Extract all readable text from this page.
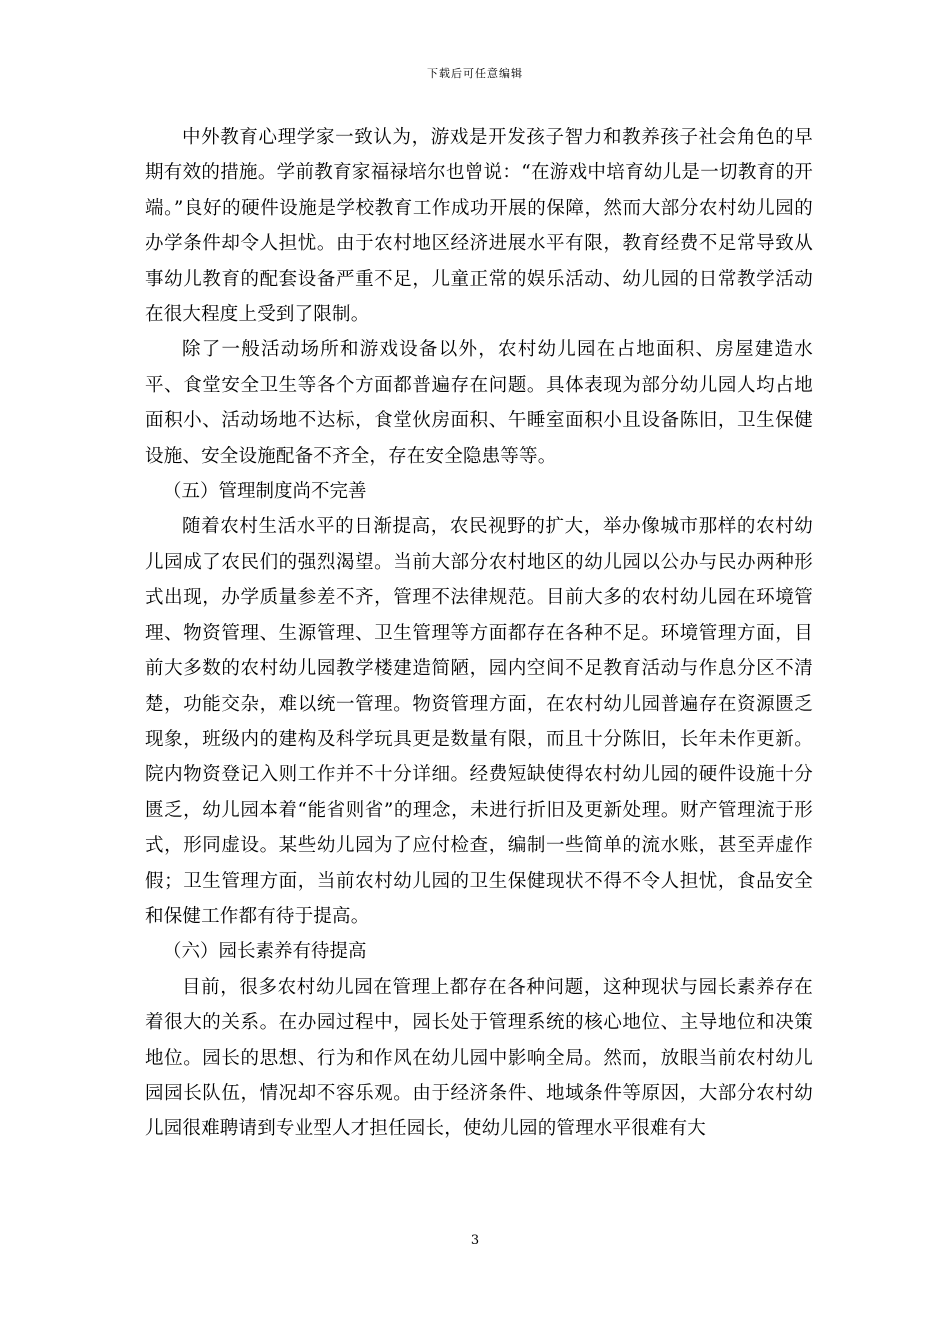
下载后可任意编辑

中外教育心理学家一致认为，游戏是开发孩子智力和教养孩子社会角色的早期有效的措施。学前教育家福禄培尔也曾说：“在游戏中培育幼儿是一切教育的开端。”良好的硬件设施是学校教育工作成功开展的保障，然而大部分农村幼儿园的办学条件却令人担忧。由于农村地区经济进展水平有限，教育经费不足常导致从事幼儿教育的配套设备严重不足，儿童正常的娱乐活动、幼儿园的日常教学活动在很大程度上受到了限制。

除了一般活动场所和游戏设备以外，农村幼儿园在占地面积、房屋建造水平、食堂安全卫生等各个方面都普遍存在问题。具体表现为部分幼儿园人均占地面积小、活动场地不达标，食堂伙房面积、午睡室面积小且设备陈旧，卫生保健设施、安全设施配备不齐全，存在安全隐患等等。

（五）管理制度尚不完善

随着农村生活水平的日渐提高，农民视野的扩大，举办像城市那样的农村幼儿园成了农民们的强烈渴望。当前大部分农村地区的幼儿园以公办与民办两种形式出现，办学质量参差不齐，管理不法律规范。目前大多的农村幼儿园在环境管理、物资管理、生源管理、卫生管理等方面都存在各种不足。环境管理方面，目前大多数的农村幼儿园教学楼建造简陋，园内空间不足教育活动与作息分区不清楚，功能交杂，难以统一管理。物资管理方面，在农村幼儿园普遍存在资源匮乏现象，班级内的建构及科学玩具更是数量有限，而且十分陈旧，长年未作更新。院内物资登记入则工作并不十分详细。经费短缺使得农村幼儿园的硬件设施十分匮乏，幼儿园本着“能省则省”的理念，未进行折旧及更新处理。财产管理流于形式，形同虚设。某些幼儿园为了应付检查，编制一些简单的流水账，甚至弄虚作假；卫生管理方面，当前农村幼儿园的卫生保健现状不得不令人担忧，食品安全和保健工作都有待于提高。

（六）园长素养有待提高

目前，很多农村幼儿园在管理上都存在各种问题，这种现状与园长素养存在着很大的关系。在办园过程中，园长处于管理系统的核心地位、主导地位和决策地位。园长的思想、行为和作风在幼儿园中影响全局。然而，放眼当前农村幼儿园园长队伍，情况却不容乐观。由于经济条件、地域条件等原因，大部分农村幼儿园很难聘请到专业型人才担任园长，使幼儿园的管理水平很难有大

3
